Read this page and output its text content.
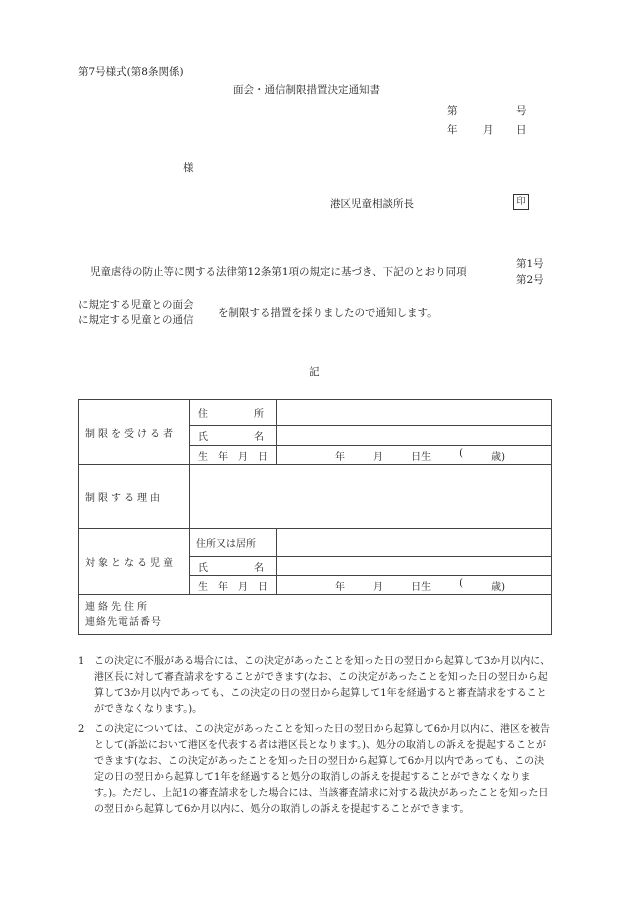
第7号様式(第8条関係)
面会・通信制限措置決定通知書
第	号
年 月 日
様
港区児童相談所長	印
児童虐待の防止等に関する法律第12条第1項の規定に基づき、下記のとおり同項
第1号
第2号
に規定する児童との面会
に規定する児童との通信
を制限する措置を採りましたので通知します。
記
制限を受ける者	住 所	

	氏 名	

	生 年 月 日	年 月 日生 ( 歳)

制限する理由		
対象となる児童	住所又は居所	

	氏 名	

	生 年 月 日	年 月 日生 ( 歳)

連絡先住所
連絡先電話番号		
1 この決定に不服がある場合には、この決定があったことを知った日の翌日から起算して3か月以内に、港区長に対して審査請求をすることができます(なお、この決定があったことを知った日の翌日から起算して3か月以内であっても、この決定の日の翌日から起算して1年を経過すると審査請求をすることができなくなります。)。
2 この決定については、この決定があったことを知った日の翌日から起算して6か月以内に、港区を被告として(訴訟において港区を代表する者は港区長となります。)、処分の取消しの訴えを提起することができます(なお、この決定があったことを知った日の翌日から起算して6か月以内であっても、この決定の日の翌日から起算して1年を経過すると処分の取消しの訴えを提起することができなくなります。)。ただし、上記1の審査請求をした場合には、当該審査請求に対する裁決があったことを知った日の翌日から起算して6か月以内に、処分の取消しの訴えを提起することができます。
